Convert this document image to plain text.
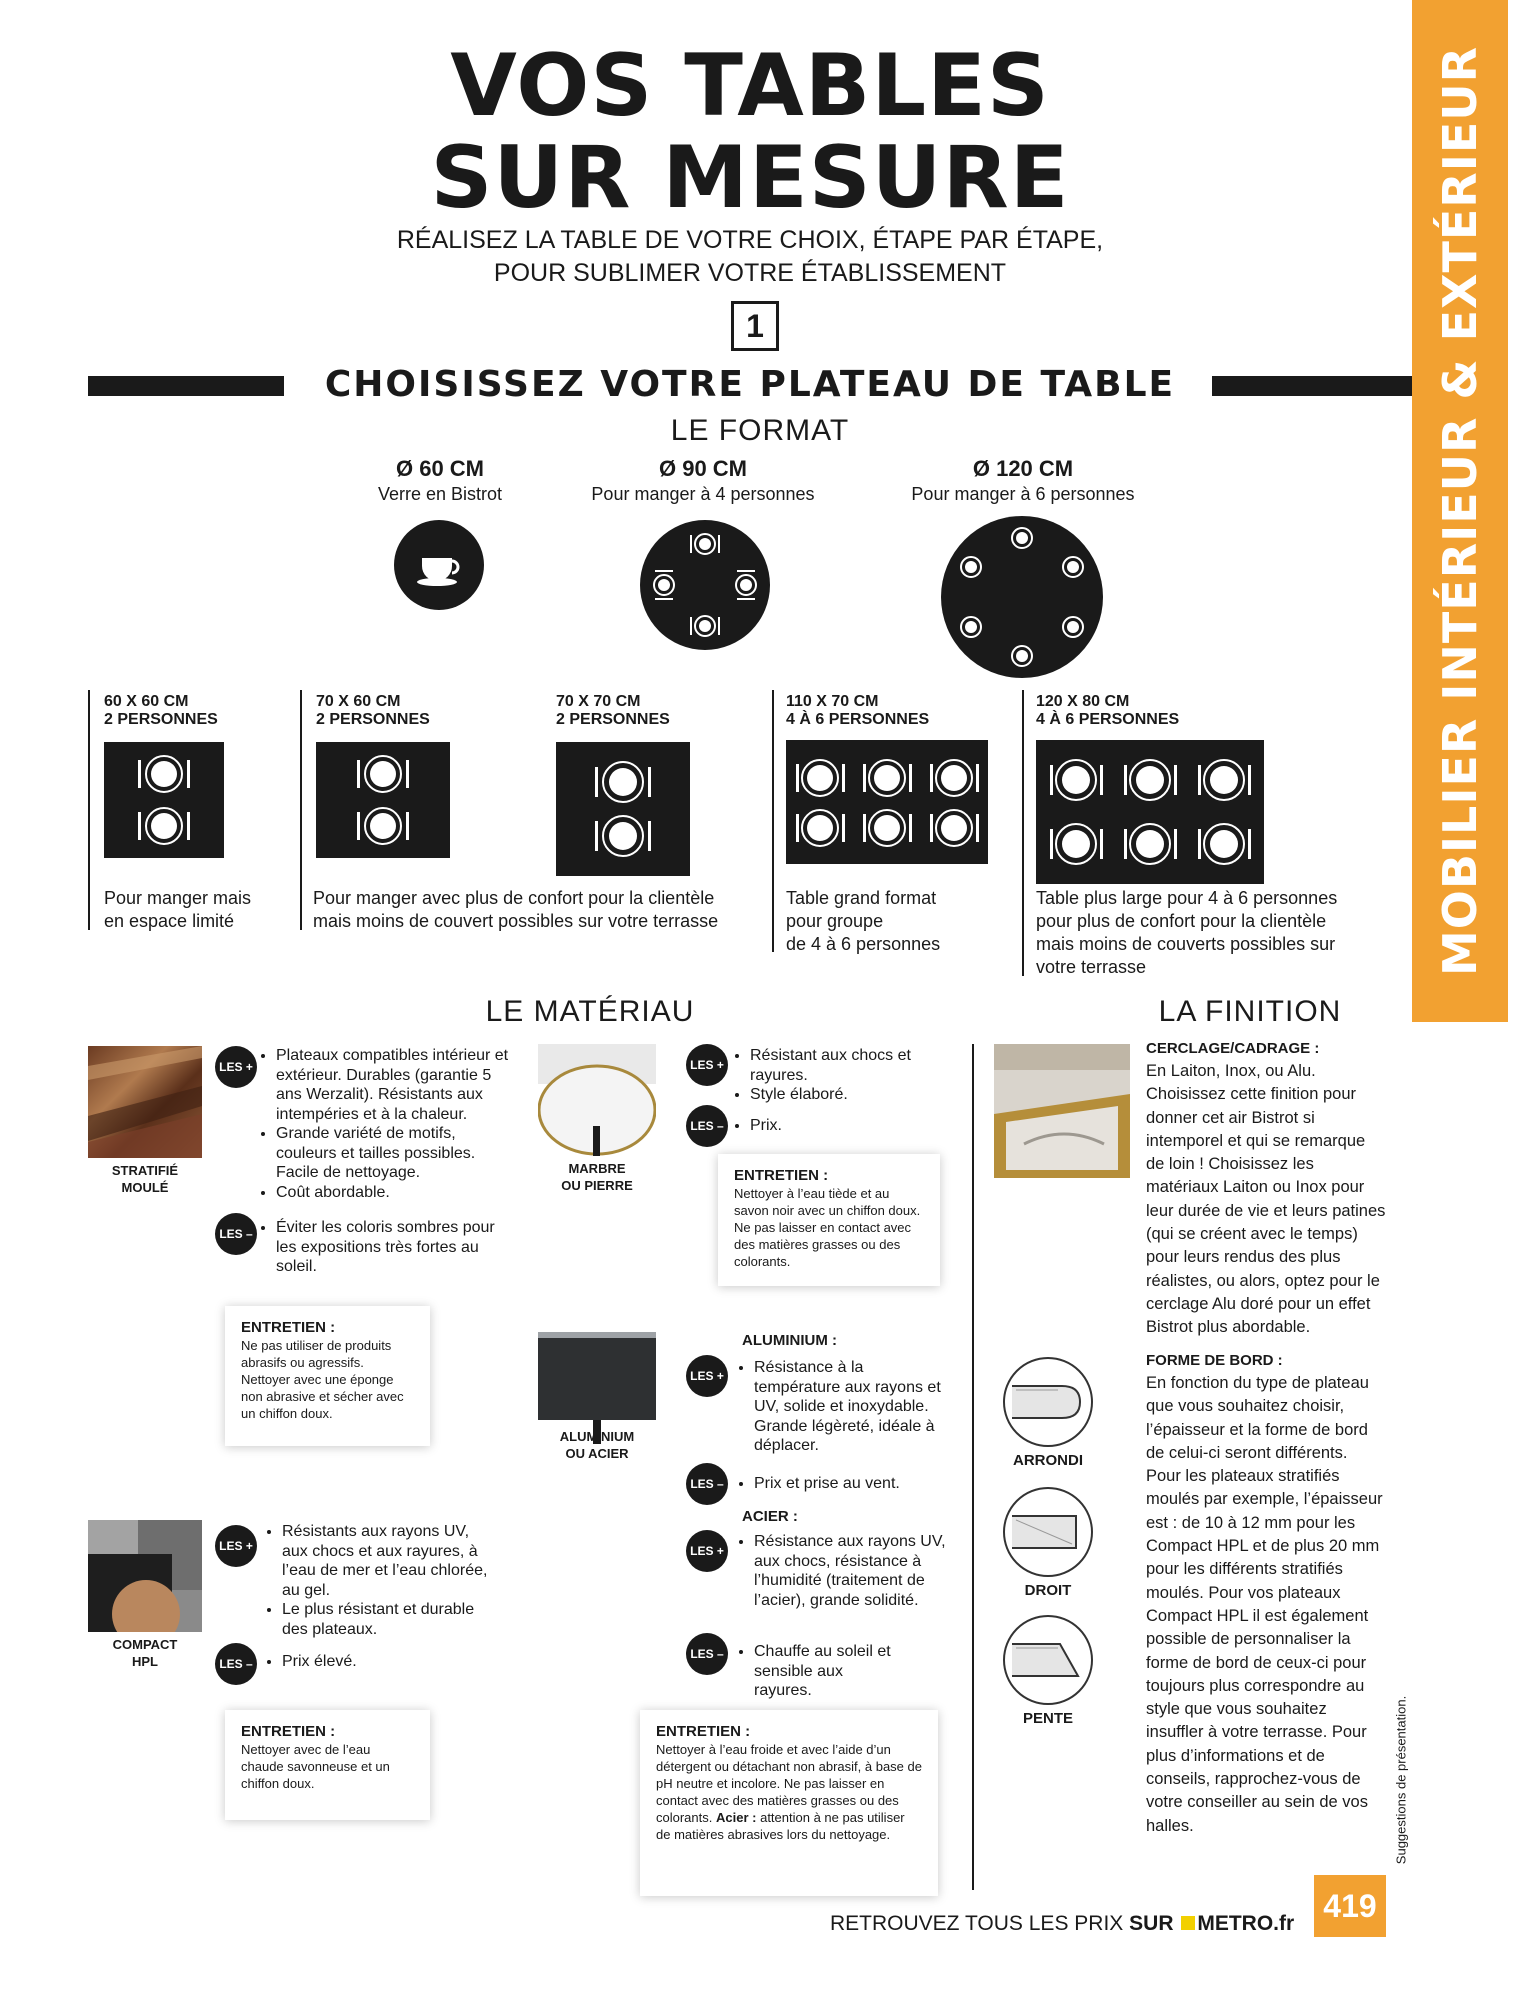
VOS TABLES
SUR MESURE
RÉALISEZ LA TABLE DE VOTRE CHOIX, ÉTAPE PAR ÉTAPE,
POUR SUBLIMER VOTRE ÉTABLISSEMENT
1
CHOISISSEZ VOTRE PLATEAU DE TABLE
LE FORMAT
Ø 60 CM
Verre en Bistrot
Ø 90 CM
Pour manger à 4 personnes
Ø 120 CM
Pour manger à 6 personnes
60 X 60 CM
2 PERSONNES
70 X 60 CM
2 PERSONNES
70 X 70 CM
2 PERSONNES
110 X 70 CM
4 À 6 PERSONNES
120 X 80 CM
4 À 6 PERSONNES
Pour manger mais
en espace limité
Pour manger avec plus de confort pour la clientèle
mais moins de couvert possibles sur votre terrasse
Table grand format
pour groupe
de 4 à 6 personnes
Table plus large pour 4 à 6 personnes
pour plus de confort pour la clientèle
mais moins de couverts possibles sur
votre terrasse
LE MATÉRIAU	LA FINITION
STRATIFIÉ
MOULÉ
LES +
• Plateaux compatibles intérieur et extérieur. Durables (garantie 5 ans Werzalit). Résistants aux intempéries et à la chaleur.
• Grande variété de motifs, couleurs et tailles possibles. Facile de nettoyage.
• Coût abordable.
LES – • Éviter les coloris sombres pour les expositions très fortes au soleil.
ENTRETIEN :
Ne pas utiliser de produits abrasifs ou agressifs. Nettoyer avec une éponge non abrasive et sécher avec un chiffon doux.
COMPACT
HPL
LES +
• Résistants aux rayons UV, aux chocs et aux rayures, à l’eau de mer et l’eau chlorée, au gel.
• Le plus résistant et durable des plateaux.
LES – • Prix élevé.
ENTRETIEN :
Nettoyer avec de l’eau chaude savonneuse et un chiffon doux.
MARBRE
OU PIERRE
LES +
• Résistant aux chocs et rayures.
• Style élaboré.
LES – • Prix.
ENTRETIEN :
Nettoyer à l’eau tiède et au savon noir avec un chiffon doux. Ne pas laisser en contact avec des matières grasses ou des colorants.
ALUMINIUM
OU ACIER
ALUMINIUM :
LES + • Résistance à la température aux rayons et UV, solide et inoxydable. Grande légèreté, idéale à déplacer.
LES – • Prix et prise au vent.
ACIER :
LES +
• Résistance aux rayons UV, aux chocs, résistance à l’humidité (traitement de l’acier), grande solidité.
LES – • Chauffe au soleil et sensible aux rayures.
ENTRETIEN :
Nettoyer à l’eau froide et avec l’aide d’un détergent ou détachant non abrasif, à base de pH neutre et incolore. Ne pas laisser en contact avec des matières grasses ou des colorants. Acier : attention à ne pas utiliser de matières abrasives lors du nettoyage.
CERCLAGE/CADRAGE :
En Laiton, Inox, ou Alu. Choisissez cette finition pour donner cet air Bistrot si intemporel et qui se remarque de loin ! Choisissez les matériaux Laiton ou Inox pour leur durée de vie et leurs patines (qui se créent avec le temps) pour leurs rendus des plus réalistes, ou alors, optez pour le cerclage Alu doré pour un effet Bistrot plus abordable.
ARRONDI
DROIT
PENTE
FORME DE BORD :
En fonction du type de plateau que vous souhaitez choisir, l’épaisseur et la forme de bord de celui-ci seront différents. Pour les plateaux stratifiés moulés par exemple, l’épaisseur est : de 10 à 12 mm pour les Compact HPL et de plus 20 mm pour les différents stratifiés moulés. Pour vos plateaux Compact HPL il est également possible de personnaliser la forme de bord de ceux-ci pour toujours plus correspondre au style que vous souhaitez insuffler à votre terrasse. Pour plus d’informations et de conseils, rapprochez-vous de votre conseiller au sein de vos halles.
MOBILIER INTÉRIEUR & EXTÉRIEUR
Suggestions de présentation.
RETROUVEZ TOUS LES PRIX SUR METRO.fr 419
